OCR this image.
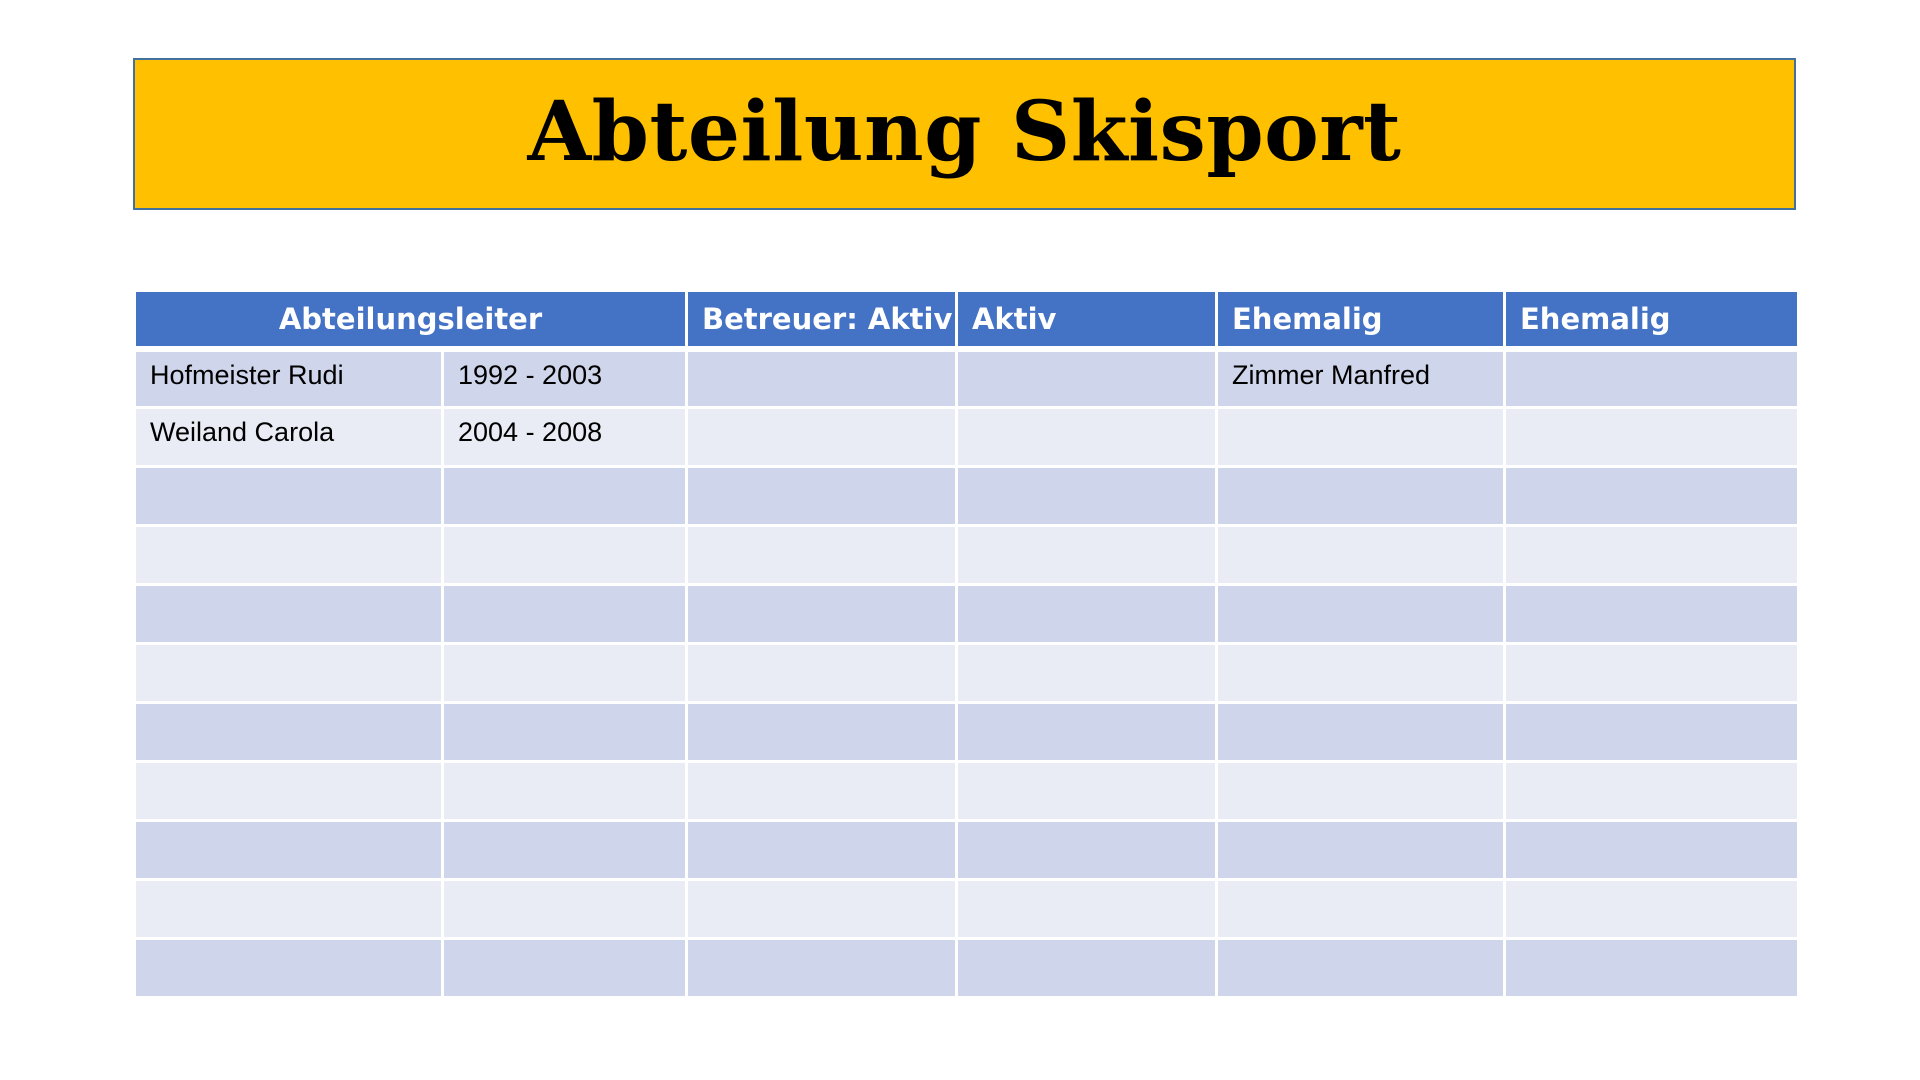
Abteilung Skisport
Abteilungsleiter		Betreuer: Aktiv	Aktiv	Ehemalig	Ehemalig
Hofmeister Rudi	1992 - 2003			Zimmer Manfred	
Weiland Carola	2004 - 2008				
